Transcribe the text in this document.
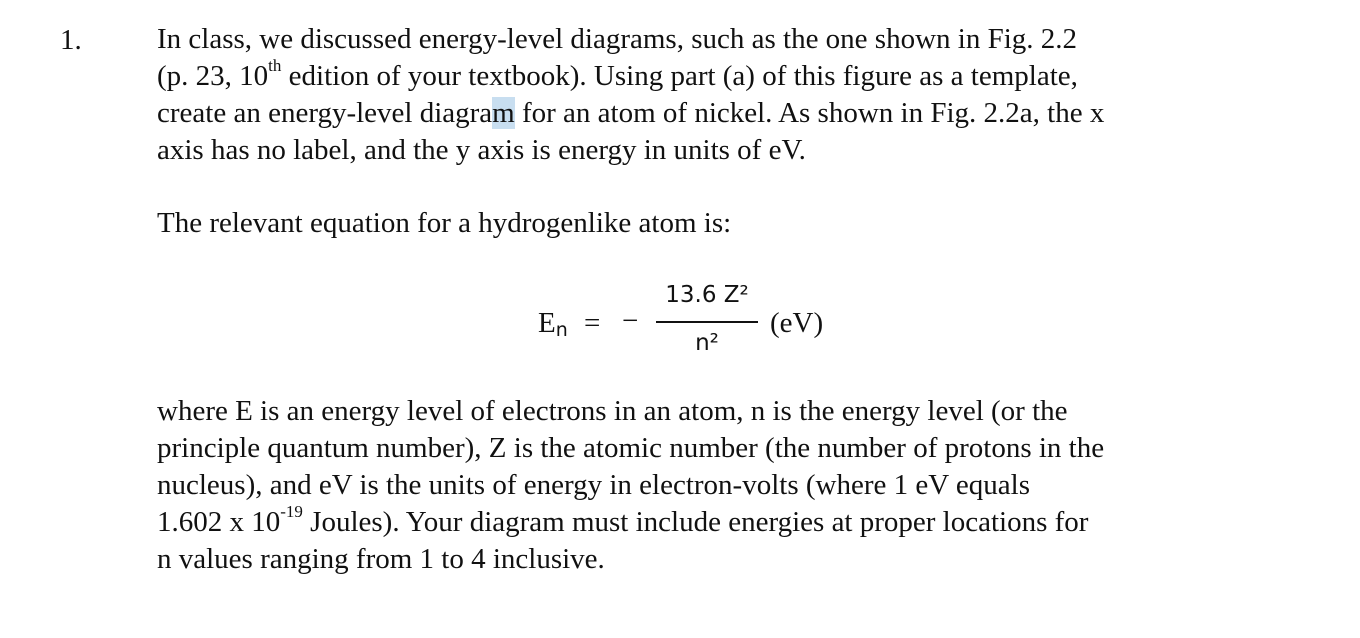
1.	In class, we discussed energy-level diagrams, such as the one shown in Fig. 2.2
(p. 23, 10th edition of your textbook). Using part (a) of this figure as a template,
create an energy-level diagram for an atom of nickel. As shown in Fig. 2.2a, the x
axis has no label, and the y axis is energy in units of eV.
The relevant equation for a hydrogenlike atom is:
$E_n$ = −
13.6 Z²
n²
(eV)
where E is an energy level of electrons in an atom, n is the energy level (or the
principle quantum number), Z is the atomic number (the number of protons in the
nucleus), and eV is the units of energy in electron-volts (where 1 eV equals
1.602 x $10^{-19}$ Joules). Your diagram must include energies at proper locations for
n values ranging from 1 to 4 inclusive.
